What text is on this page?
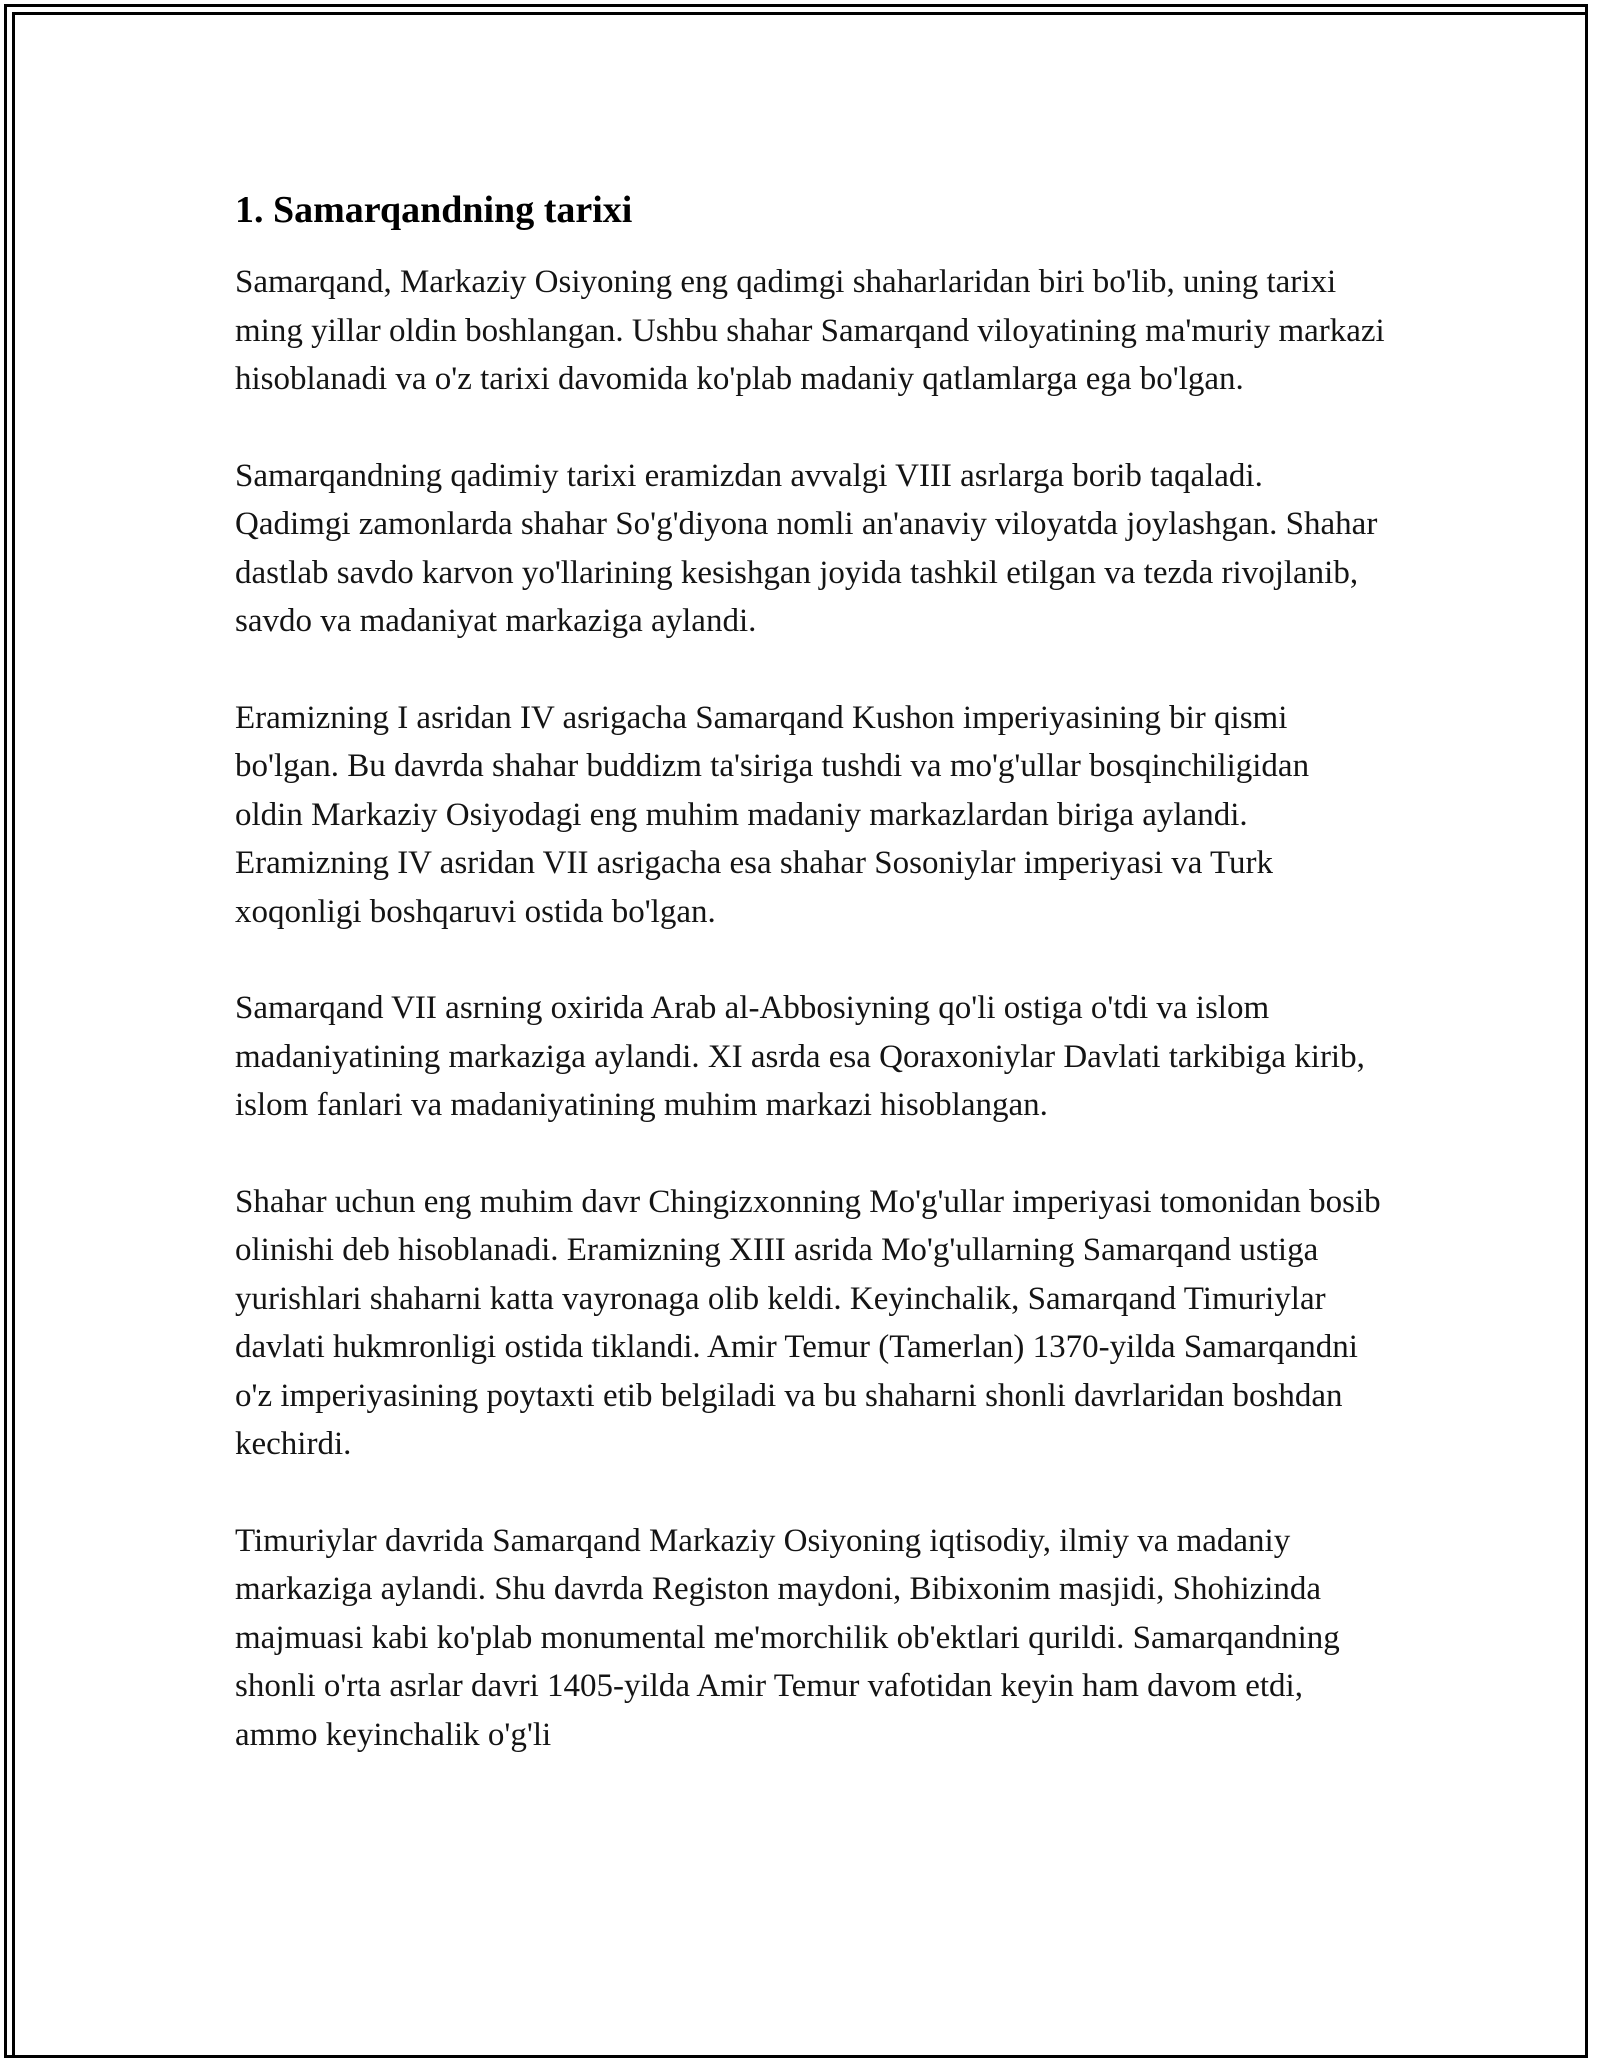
1. Samarqandning tarixi

Samarqand, Markaziy Osiyoning eng qadimgi shaharlaridan biri bo'lib, uning tarixi ming yillar oldin boshlangan. Ushbu shahar Samarqand viloyatining ma'muriy markazi hisoblanadi va o'z tarixi davomida ko'plab madaniy qatlamlarga ega bo'lgan.

Samarqandning qadimiy tarixi eramizdan avvalgi VIII asrlarga borib taqaladi. Qadimgi zamonlarda shahar So'g'diyona nomli an'anaviy viloyatda joylashgan. Shahar dastlab savdo karvon yo'llarining kesishgan joyida tashkil etilgan va tezda rivojlanib, savdo va madaniyat markaziga aylandi.

Eramizning I asridan IV asrigacha Samarqand Kushon imperiyasining bir qismi bo'lgan. Bu davrda shahar buddizm ta'siriga tushdi va mo'g'ullar bosqinchiligidan oldin Markaziy Osiyodagi eng muhim madaniy markazlardan biriga aylandi. Eramizning IV asridan VII asrigacha esa shahar Sosoniylar imperiyasi va Turk xoqonligi boshqaruvi ostida bo'lgan.

Samarqand VII asrning oxirida Arab al-Abbosiyning qo'li ostiga o'tdi va islom madaniyatining markaziga aylandi. XI asrda esa Qoraxoniylar Davlati tarkibiga kirib, islom fanlari va madaniyatining muhim markazi hisoblangan.

Shahar uchun eng muhim davr Chingizxonning Mo'g'ullar imperiyasi tomonidan bosib olinishi deb hisoblanadi. Eramizning XIII asrida Mo'g'ullarning Samarqand ustiga yurishlari shaharni katta vayronaga olib keldi. Keyinchalik, Samarqand Timuriylar davlati hukmronligi ostida tiklandi. Amir Temur (Tamerlan) 1370-yilda Samarqandni o'z imperiyasining poytaxti etib belgiladi va bu shaharni shonli davrlaridan boshdan kechirdi.

Timuriylar davrida Samarqand Markaziy Osiyoning iqtisodiy, ilmiy va madaniy markaziga aylandi. Shu davrda Registon maydoni, Bibixonim masjidi, Shohizinda majmuasi kabi ko'plab monumental me'morchilik ob'ektlari qurildi. Samarqandning shonli o'rta asrlar davri 1405-yilda Amir Temur vafotidan keyin ham davom etdi, ammo keyinchalik o'g'li
